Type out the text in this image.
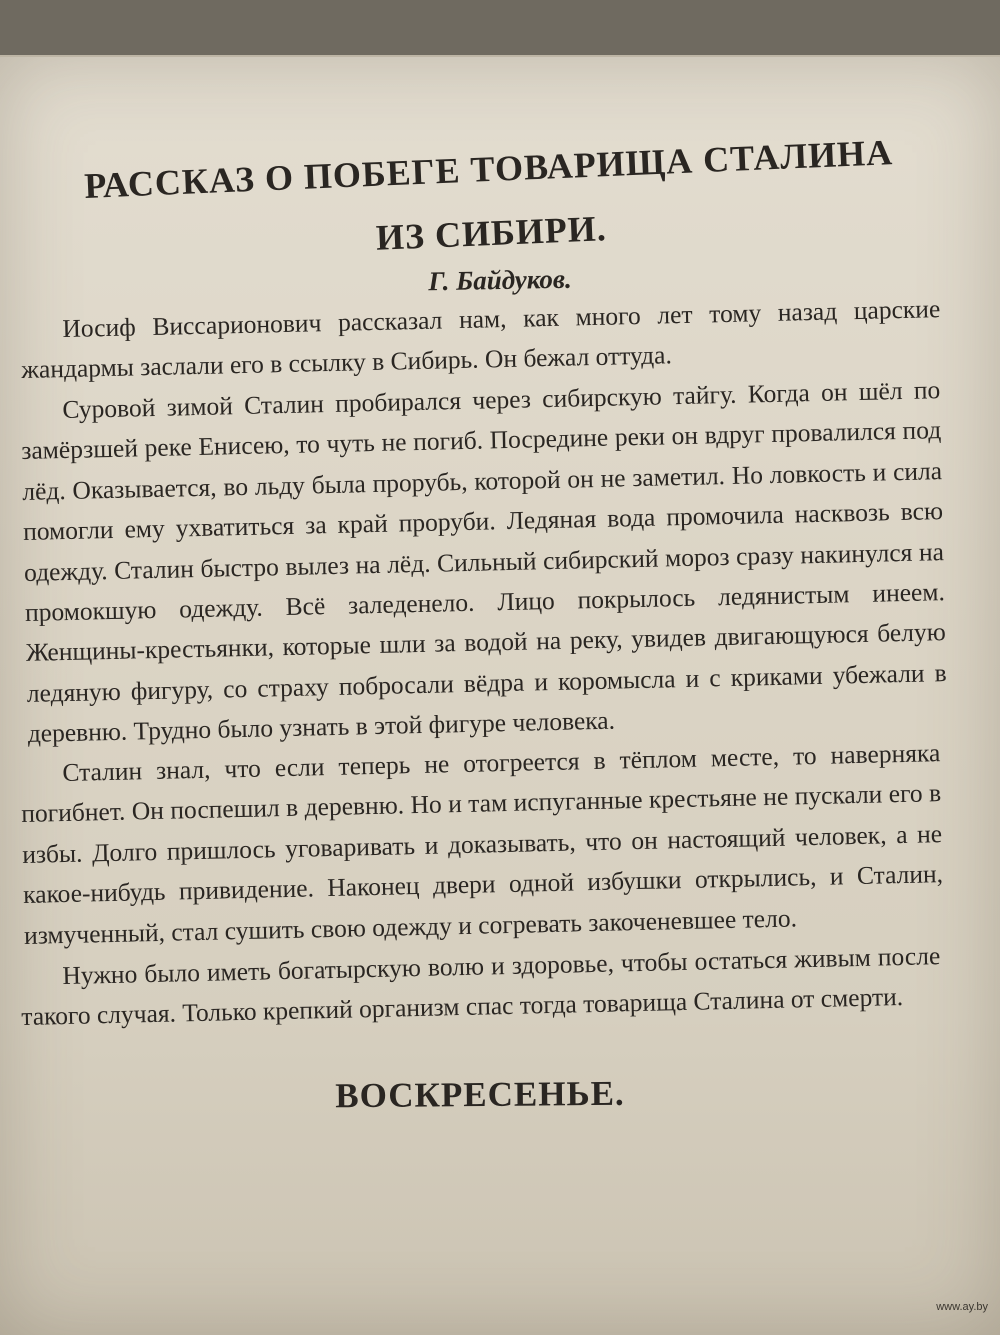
РАССКАЗ О ПОБЕГЕ ТОВАРИЩА СТАЛИНА
ИЗ СИБИРИ.
Г. Байдуков.

Иосиф Виссарионович рассказал нам, как много лет тому назад царские жандармы заслали его в ссылку в Сибирь. Он бежал оттуда.

Суровой зимой Сталин пробирался через сибирскую тайгу. Когда он шёл по замёрзшей реке Енисею, то чуть не погиб. Посредине реки он вдруг провалился под лёд. Оказывается, во льду была прорубь, которой он не заметил. Но ловкость и сила помогли ему ухватиться за край проруби. Ледяная вода промочила насквозь всю одежду. Сталин быстро вылез на лёд. Сильный сибирский мороз сразу накинулся на промокшую одежду. Всё заледенело. Лицо покрылось ледянистым инеем. Женщины-крестьянки, которые шли за водой на реку, увидев двигающуюся белую ледяную фигуру, со страху побросали вёдра и коромысла и с криками убежали в деревню. Трудно было узнать в этой фигуре человека.

Сталин знал, что если теперь не отогреется в тёплом месте, то наверняка погибнет. Он поспешил в деревню. Но и там испуганные крестьяне не пускали его в избы. Долго пришлось уговаривать и доказывать, что он настоящий человек, а не какое-нибудь привидение. Наконец двери одной избушки открылись, и Сталин, измученный, стал сушить свою одежду и согревать закоченевшее тело.

Нужно было иметь богатырскую волю и здоровье, чтобы остаться живым после такого случая. Только крепкий организм спас тогда товарища Сталина от смерти.

ВОСКРЕСЕНЬЕ.
www.ay.by
